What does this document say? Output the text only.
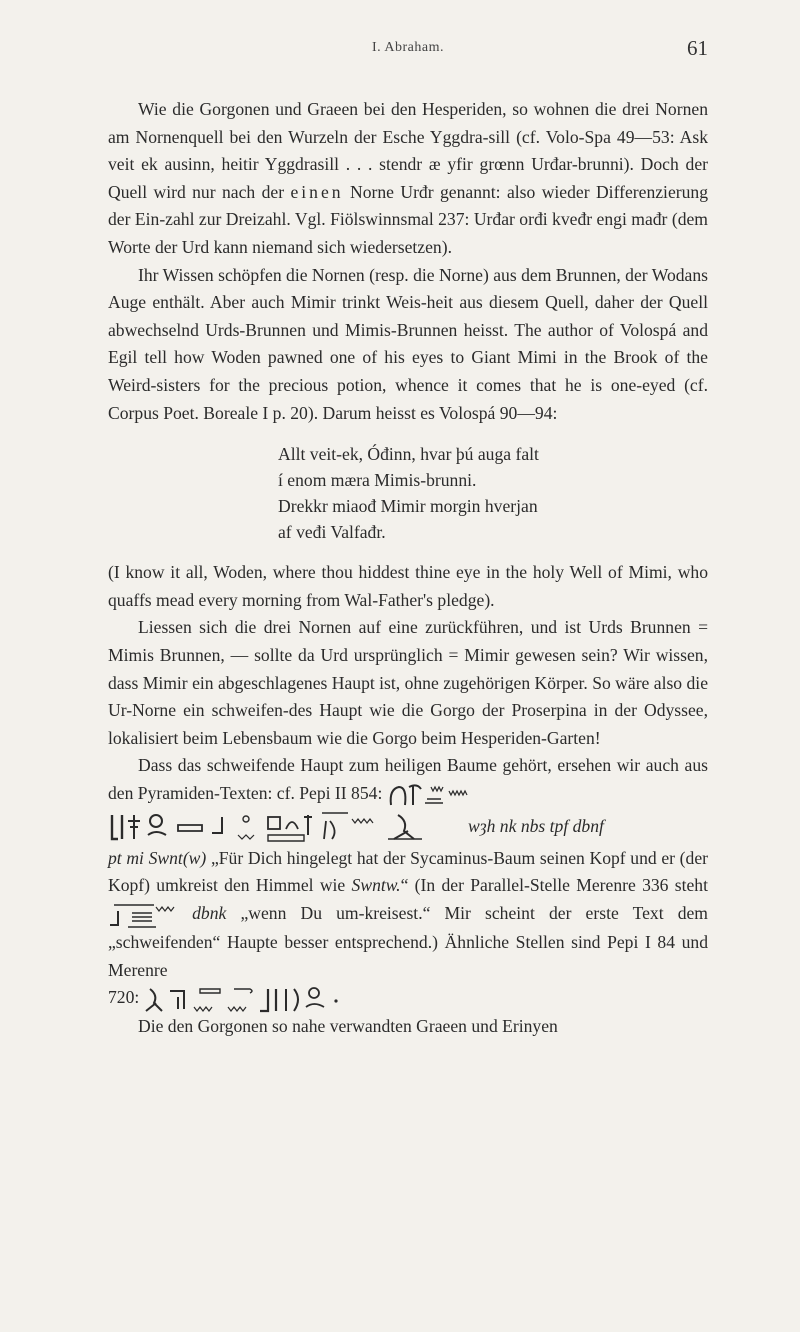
I. Abraham.	61

Wie die Gorgonen und Graeen bei den Hesperiden, so wohnen die drei Nornen am Nornenquell bei den Wurzeln der Esche Yggdra-sill (cf. Volo-Spa 49—53: Ask veit ek ausinn, heitir Yggdrasill . . . stendr æ yfir grœnn Urđar-brunni). Doch der Quell wird nur nach der einen Norne Urđr genannt: also wieder Differenzierung der Ein-zahl zur Dreizahl. Vgl. Fiölswinnsmal 237: Urđar orđi kveđr engi mađr (dem Worte der Urd kann niemand sich wiedersetzen).

Ihr Wissen schöpfen die Nornen (resp. die Norne) aus dem Brunnen, der Wodans Auge enthält. Aber auch Mimir trinkt Weis-heit aus diesem Quell, daher der Quell abwechselnd Urds-Brunnen und Mimis-Brunnen heisst. The author of Volospá and Egil tell how Woden pawned one of his eyes to Giant Mimi in the Brook of the Weird-sisters for the precious potion, whence it comes that he is one-eyed (cf. Corpus Poet. Boreale I p. 20). Darum heisst es Volospá 90—94:

Allt veit-ek, Óđinn, hvar þú auga falt
í enom mæra Mimis-brunni.
Drekkr miaođ Mimir morgin hverjan
af veđi Valfađr.

(I know it all, Woden, where thou hiddest thine eye in the holy Well of Mimi, who quaffs mead every morning from Wal-Father's pledge).

Liessen sich die drei Nornen auf eine zurückführen, und ist Urds Brunnen = Mimis Brunnen, — sollte da Urd ursprünglich = Mimir gewesen sein? Wir wissen, dass Mimir ein abgeschlagenes Haupt ist, ohne zugehörigen Körper. So wäre also die Ur-Norne ein schweifen-des Haupt wie die Gorgo der Proserpina in der Odyssee, lokalisiert beim Lebensbaum wie die Gorgo beim Hesperiden-Garten!

Dass das schweifende Haupt zum heiligen Baume gehört, ersehen wir auch aus den Pyramiden-Texten: cf. Pepi II 854:

wȝh nk nbs tpf dbnf

pt mi Swnt(w) „Für Dich hingelegt hat der Sycaminus-Baum seinen Kopf und er (der Kopf) umkreist den Himmel wie Swntw.“ (In der Parallel-Stelle Merenre 336 steht
dbnk „wenn Du um-kreisest.“ Mir scheint der erste Text dem „schweifenden“ Haupte besser entsprechend.) Ähnliche Stellen sind Pepi I 84 und Merenre

720:

Die den Gorgonen so nahe verwandten Graeen und Erinyen
